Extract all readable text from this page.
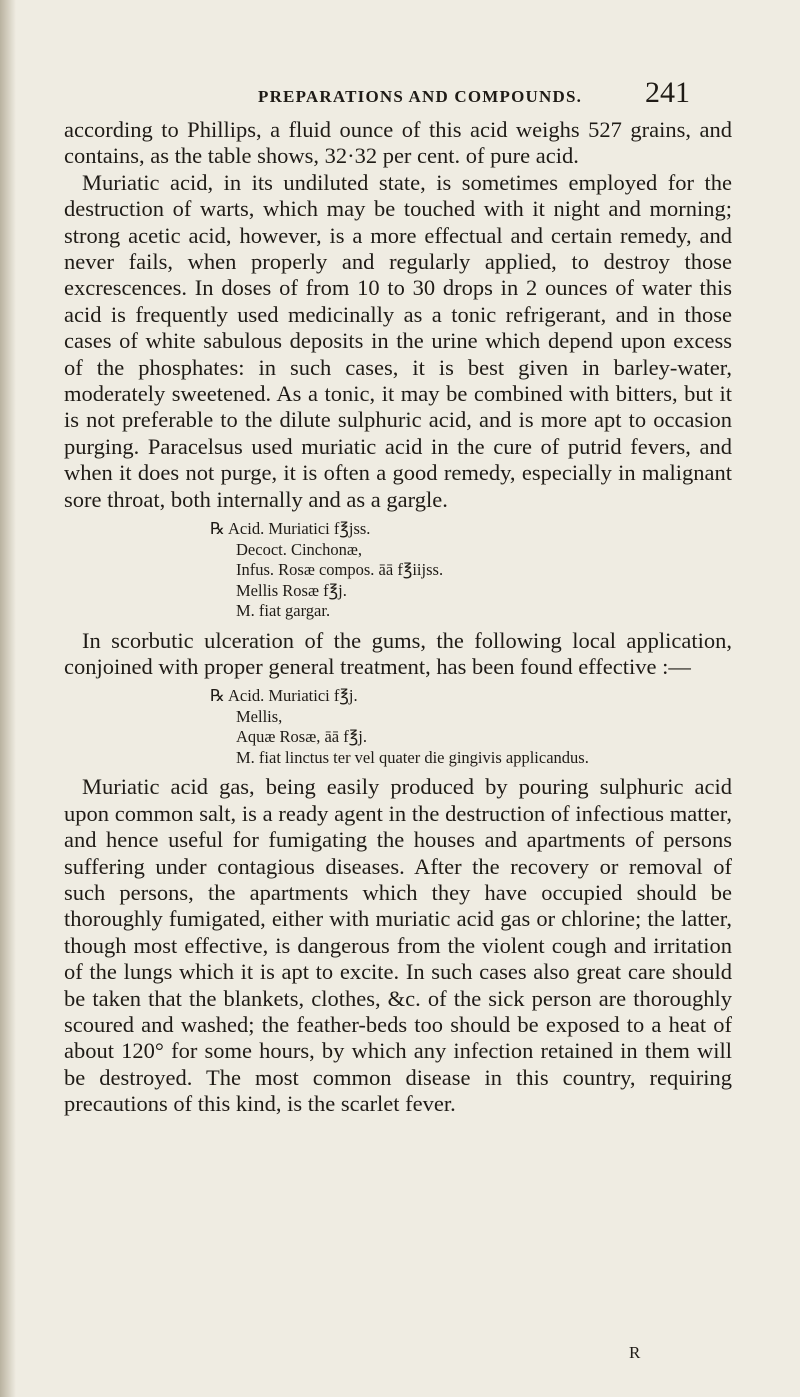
PREPARATIONS AND COMPOUNDS. 241

according to Phillips, a fluid ounce of this acid weighs 527 grains, and contains, as the table shows, 32·32 per cent. of pure acid.

Muriatic acid, in its undiluted state, is sometimes employed for the destruction of warts, which may be touched with it night and morning; strong acetic acid, however, is a more effectual and certain remedy, and never fails, when properly and regularly applied, to destroy those excrescences. In doses of from 10 to 30 drops in 2 ounces of water this acid is frequently used medicinally as a tonic refrigerant, and in those cases of white sabulous deposits in the urine which depend upon excess of the phosphates: in such cases, it is best given in barley-water, moderately sweetened. As a tonic, it may be combined with bitters, but it is not preferable to the dilute sulphuric acid, and is more apt to occasion purging. Paracelsus used muriatic acid in the cure of putrid fevers, and when it does not purge, it is often a good remedy, especially in malignant sore throat, both internally and as a gargle.

℞ Acid. Muriatici f℥jss.
Decoct. Cinchonæ,
Infus. Rosæ compos. āā f℥iijss.
Mellis Rosæ f℥j.
M. fiat gargar.

In scorbutic ulceration of the gums, the following local application, conjoined with proper general treatment, has been found effective :—

℞ Acid. Muriatici f℥j.
Mellis,
Aquæ Rosæ, āā f℥j.
M. fiat linctus ter vel quater die gingivis applicandus.

Muriatic acid gas, being easily produced by pouring sulphuric acid upon common salt, is a ready agent in the destruction of infectious matter, and hence useful for fumigating the houses and apartments of persons suffering under contagious diseases. After the recovery or removal of such persons, the apartments which they have occupied should be thoroughly fumigated, either with muriatic acid gas or chlorine; the latter, though most effective, is dangerous from the violent cough and irritation of the lungs which it is apt to excite. In such cases also great care should be taken that the blankets, clothes, &c. of the sick person are thoroughly scoured and washed; the feather-beds too should be exposed to a heat of about 120° for some hours, by which any infection retained in them will be destroyed. The most common disease in this country, requiring precautions of this kind, is the scarlet fever.

R
